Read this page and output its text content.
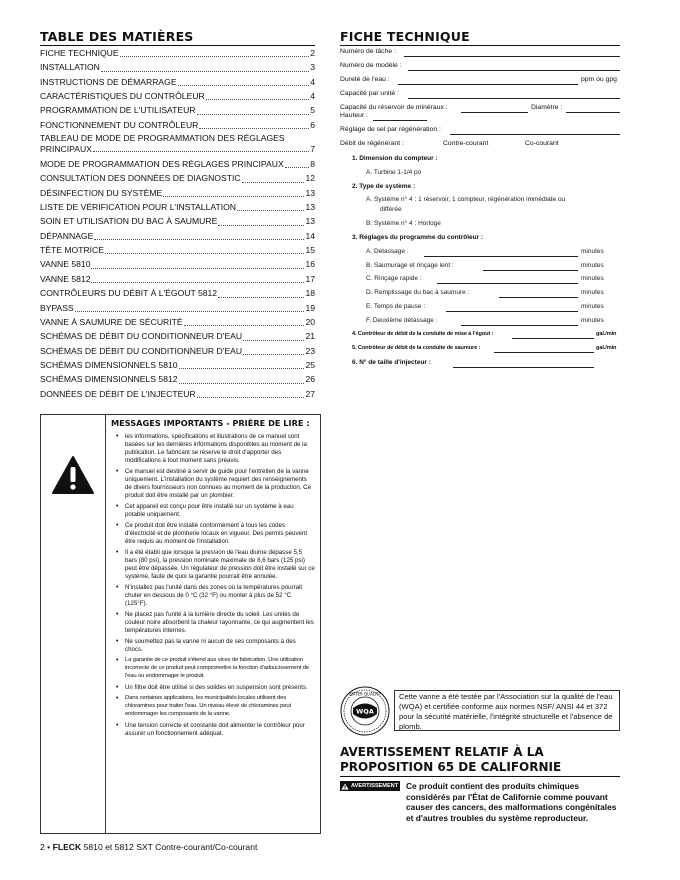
TABLE DES MATIÈRES
FICHE TECHNIQUE	2
INSTALLATION	3
INSTRUCTIONS DE DÉMARRAGE	4
CARACTÉRISTIQUES DU CONTRÔLEUR	4
PROGRAMMATION DE L'UTILISATEUR	5
FONCTIONNEMENT DU CONTRÔLEUR	6
TABLEAU DE MODE DE PROGRAMMATION DES RÉGLAGES
PRINCIPAUX	7
MODE DE PROGRAMMATION DES RÉGLAGES PRINCIPAUX	8
CONSULTATION DES DONNÉES DE DIAGNOSTIC	12
DÉSINFECTION DU SYSTÈME	13
LISTE DE VÉRIFICATION POUR L'INSTALLATION	13
SOIN ET UTILISATION DU BAC À SAUMURE	13
DÉPANNAGE	14
TÊTE MOTRICE	15
VANNE 5810	16
VANNE 5812	17
CONTRÔLEURS DU DÉBIT À L'ÉGOUT 5812	18
BYPASS	19
VANNE À SAUMURE DE SÉCURITÉ	20
SCHÉMAS DE DÉBIT DU CONDITIONNEUR D'EAU	21
SCHÉMAS DE DÉBIT DU CONDITIONNEUR D'EAU	23
SCHÉMAS DIMENSIONNELS 5810	25
SCHÉMAS DIMENSIONNELS 5812	26
DONNÉES DE DÉBIT DE L'INJECTEUR	27
FICHE TECHNIQUE
Numéro de tâche :
Numéro de modèle :
Dureté de l'eau :	ppm ou gpg
Capacité par unité :
Capacité du réservoir de minéraux :	Diamètre :
Hauteur :
Réglage de sel par régénération :
Débit de régénérant :	Contre-courant	Co-courant
1. Dimension du compteur :
A. Turbine 1-1/4 po
2. Type de système :
A. Système n° 4 : 1 réservoir, 1 compteur, régénération immédiate ou
différée
B. Système n° 4 : Horloge
3. Réglages du programme du contrôleur :
A. Détassage :	minutes
B. Saumurage et rinçage lent :	minutes
C. Rinçage rapide :	minutes
D. Remplissage du bac à saumure :	minutes
E. Temps de pause :	minutes
F. Deuxième détassage :	minutes
4. Contrôleur de débit de la conduite de mise à l'égout :	gal./min
5. Contrôleur de débit de la conduite de saumure :	gal./min
6. N° de taille d'injecteur :
MESSAGES IMPORTANTS - PRIÈRE DE LIRE :
• les informations, spécifications et illustrations de ce manuel sont basées sur les dernières informations disponibles au moment de la publication. Le fabricant se réserve le droit d'apporter des modifications à tout moment sans préavis.
• Ce manuel est destiné à servir de guide pour l'entretien de la vanne uniquement. L'installation du système requiert des renseignements de divers fournisseurs non connues au moment de la production. Ce produit doit être installé par un plombier.
• Cet appareil est conçu pour être installé sur un système à eau potable uniquement.
• Ce produit doit être installé conformément à tous les codes d'électricité et de plomberie locaux en vigueur. Des permis peuvent être requis au moment de l'installation.
• Il a été établi que lorsque la pression de l'eau diurne dépasse 5,5 bars (80 psi), la pression nominale maximale de 8,6 bars (125 psi) peut être dépassée. Un régulateur de pression doit être installé sur ce système, faute de quoi la garantie pourrait être annulée.
• N'installez pas l'unité dans des zones où la températures pourrait chuter en dessous de 0 °C (32 °F) ou monter à plus de 52 °C (125°F).
• Ne placez pas l'unité à la lumière directe du soleil. Les unités de couleur noire absorbent la chaleur rayonnante, ce qui augmentent les températures internes.
• Ne soumettez pas la vanne ni aucun de ses composants à des chocs.
• La garantie de ce produit s'étend aux vices de fabrication. Une utilisation incorrecte de ce produit peut compromettre la fonction d'adoucissement de l'eau ou endommager le produit.
• Un filtre doit être utilisé si des solides en suspension sont présents.
• Dans certaines applications, les municipalités locales utilisent des chloramines pour traiter l'eau. Un niveau élevé de chloramines peut endommager les composants de la vanne.
• Une tension correcte et constante doit alimenter le contrôleur pour assurer un fonctionnement adéquat.
WQA
WATER QUALITY	Cette vanne a été testée par l'Association sur la qualité de l'eau (WQA) et certifiée conforme aux normes NSF/ ANSI 44 et 372 pour la sécurité matérielle, l'intégrité structurelle et l'absence de plomb.
AVERTISSEMENT RELATIF À LA
PROPOSITION 65 DE CALIFORNIE
AVERTISSEMENT Ce produit contient des produits chimiques considérés par l'État de Californie comme pouvant causer des cancers, des malformations congénitales et d'autres troubles du système reproducteur.
2 • FLECK 5810 et 5812 SXT Contre-courant/Co-courant
